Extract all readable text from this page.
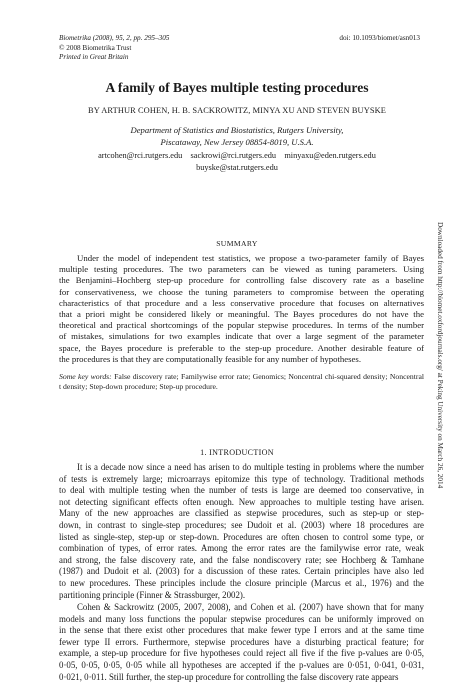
Biometrika (2008), 95, 2, pp. 295–305
© 2008 Biometrika Trust
Printed in Great Britain
doi: 10.1093/biomet/asn013
A family of Bayes multiple testing procedures
BY ARTHUR COHEN, H. B. SACKROWITZ, MINYA XU AND STEVEN BUYSKE
Department of Statistics and Biostatistics, Rutgers University,
Piscataway, New Jersey 08854-8019, U.S.A.
artcohen@rci.rutgers.edu    sackrowi@rci.rutgers.edu    minyaxu@eden.rutgers.edu
buyske@stat.rutgers.edu
SUMMARY
Under the model of independent test statistics, we propose a two-parameter family of Bayes
multiple testing procedures. The two parameters can be viewed as tuning parameters. Using
the Benjamini–Hochberg step-up procedure for controlling false discovery rate as a baseline
for conservativeness, we choose the tuning parameters to compromise between the operating
characteristics of that procedure and a less conservative procedure that focuses on alternatives
that a priori might be considered likely or meaningful. The Bayes procedures do not have the
theoretical and practical shortcomings of the popular stepwise procedures. In terms of the number
of mistakes, simulations for two examples indicate that over a large segment of the parameter
space, the Bayes procedure is preferable to the step-up procedure. Another desirable feature of
the procedures is that they are computationally feasible for any number of hypotheses.
Some key words: False discovery rate; Familywise error rate; Genomics; Noncentral chi-squared density; Noncentral
t density; Step-down procedure; Step-up procedure.
1. INTRODUCTION
It is a decade now since a need has arisen to do multiple testing in problems where the number
of tests is extremely large; microarrays epitomize this type of technology. Traditional methods
to deal with multiple testing when the number of tests is large are deemed too conservative, in
not detecting significant effects often enough. New approaches to multiple testing have arisen.
Many of the new approaches are classified as stepwise procedures, such as step-up or step-
down, in contrast to single-step procedures; see Dudoit et al. (2003) where 18 procedures are
listed as single-step, step-up or step-down. Procedures are often chosen to control some type, or
combination of types, of error rates. Among the error rates are the familywise error rate, weak
and strong, the false discovery rate, and the false nondiscovery rate; see Hochberg & Tamhane
(1987) and Dudoit et al. (2003) for a discussion of these rates. Certain principles have also led
to new procedures. These principles include the closure principle (Marcus et al., 1976) and the
partitioning principle (Finner & Strassburger, 2002).
Cohen & Sackrowitz (2005, 2007, 2008), and Cohen et al. (2007) have shown that for many
models and many loss functions the popular stepwise procedures can be uniformly improved on
in the sense that there exist other procedures that make fewer type I errors and at the same time
fewer type II errors. Furthermore, stepwise procedures have a disturbing practical feature; for
example, a step-up procedure for five hypotheses could reject all five if the five p-values are 0·05,
0·05, 0·05, 0·05, 0·05 while all hypotheses are accepted if the p-values are 0·051, 0·041, 0·031,
0·021, 0·011. Still further, the step-up procedure for controlling the false discovery rate appears
Downloaded from http://biomet.oxfordjournals.org/ at Peking University on March 26, 2014
